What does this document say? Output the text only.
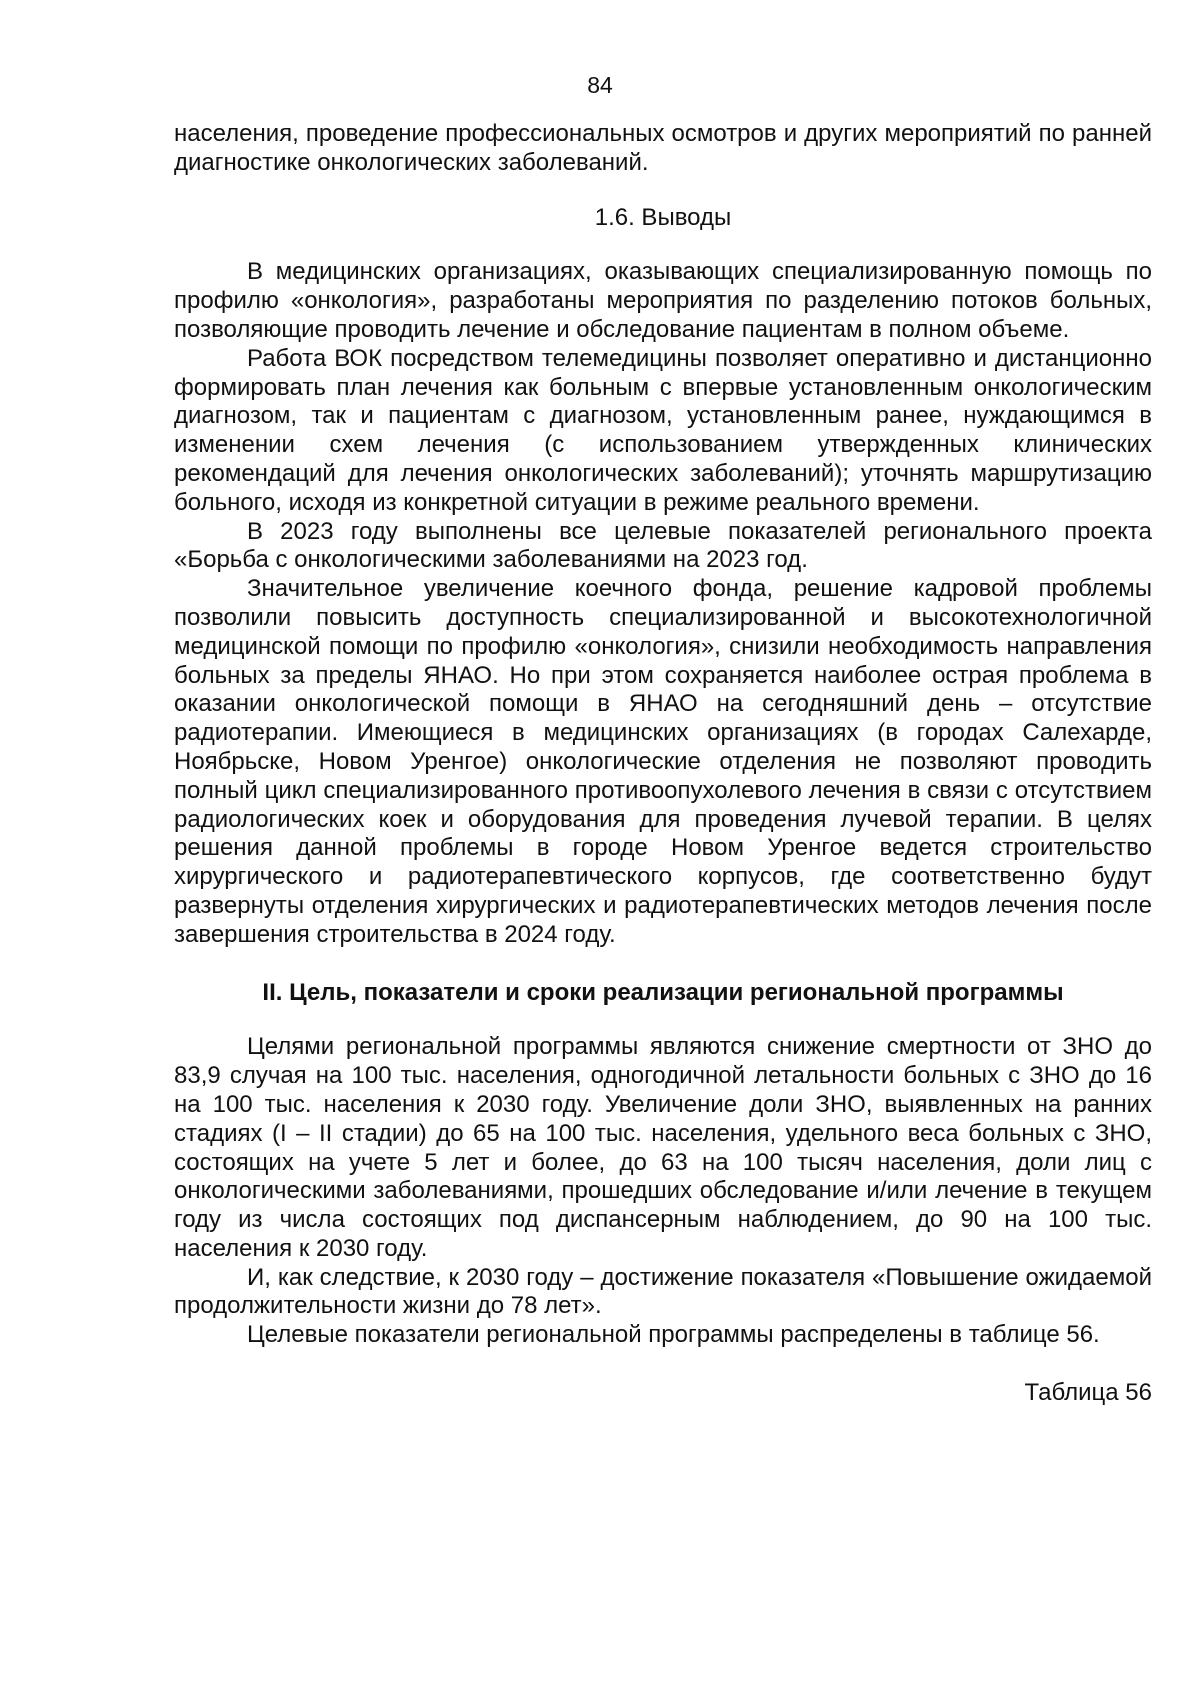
84

населения, проведение профессиональных осмотров и других мероприятий по ранней диагностике онкологических заболеваний.

1.6. Выводы

В медицинских организациях, оказывающих специализированную помощь по профилю «онкология», разработаны мероприятия по разделению потоков больных, позволяющие проводить лечение и обследование пациентам в полном объеме.

Работа ВОК посредством телемедицины позволяет оперативно и дистанционно формировать план лечения как больным с впервые установленным онкологическим диагнозом, так и пациентам с диагнозом, установленным ранее, нуждающимся в изменении схем лечения (с использованием утвержденных клинических рекомендаций для лечения онкологических заболеваний); уточнять маршрутизацию больного, исходя из конкретной ситуации в режиме реального времени.

В 2023 году выполнены все целевые показателей регионального проекта «Борьба с онкологическими заболеваниями на 2023 год.

Значительное увеличение коечного фонда, решение кадровой проблемы позволили повысить доступность специализированной и высокотехнологичной медицинской помощи по профилю «онкология», снизили необходимость направления больных за пределы ЯНАО. Но при этом сохраняется наиболее острая проблема в оказании онкологической помощи в ЯНАО на сегодняшний день – отсутствие радиотерапии. Имеющиеся в медицинских организациях (в городах Салехарде, Ноябрьске, Новом Уренгое) онкологические отделения не позволяют проводить полный цикл специализированного противоопухолевого лечения в связи с отсутствием радиологических коек и оборудования для проведения лучевой терапии. В целях решения данной проблемы в городе Новом Уренгое ведется строительство хирургического и радиотерапевтического корпусов, где соответственно будут развернуты отделения хирургических и радиотерапевтических методов лечения после завершения строительства в 2024 году.

II. Цель, показатели и сроки реализации региональной программы

Целями региональной программы являются снижение смертности от ЗНО до 83,9 случая на 100 тыс. населения, одногодичной летальности больных с ЗНО до 16 на 100 тыс. населения к 2030 году. Увеличение доли ЗНО, выявленных на ранних стадиях (I – II стадии) до 65 на 100 тыс. населения, удельного веса больных с ЗНО, состоящих на учете 5 лет и более, до 63 на 100 тысяч населения, доли лиц с онкологическими заболеваниями, прошедших обследование и/или лечение в текущем году из числа состоящих под диспансерным наблюдением, до 90 на 100 тыс. населения к 2030 году.

И, как следствие, к 2030 году – достижение показателя «Повышение ожидаемой продолжительности жизни до 78 лет».

Целевые показатели региональной программы распределены в таблице 56.

Таблица 56
